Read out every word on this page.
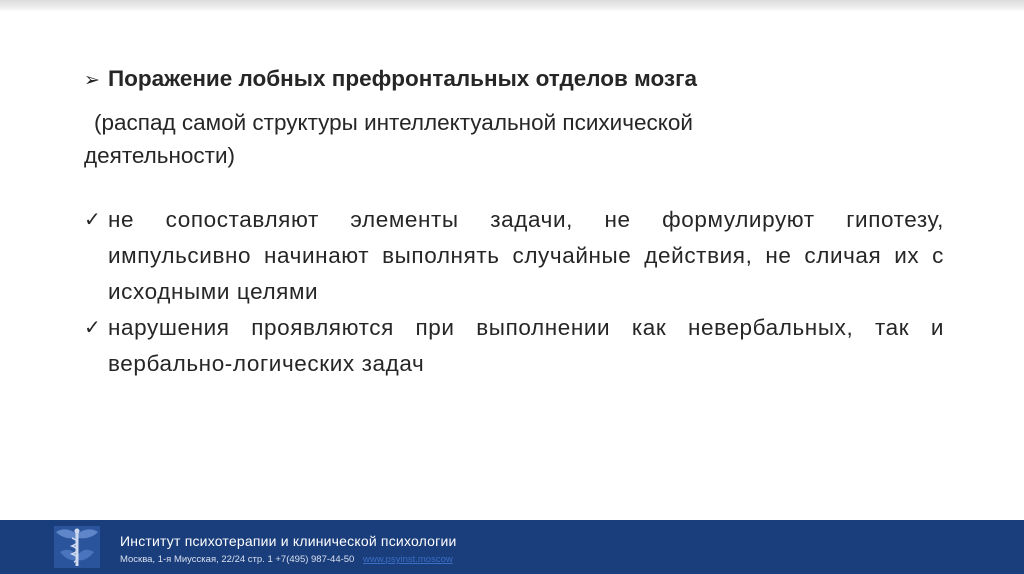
➢ Поражение лобных префронтальных отделов мозга
(распад самой структуры интеллектуальной психической
деятельности)
✓ не сопоставляют элементы задачи, не формулируют гипотезу, импульсивно начинают выполнять случайные действия, не сличая их с исходными целями
✓ нарушения проявляются при выполнении как невербальных, так и вербально-логических задач
Институт психотерапии и клинической психологии
Москва, 1-я Миусская, 22/24 стр. 1 +7(495) 987-44-50 www.psyinst.moscow
